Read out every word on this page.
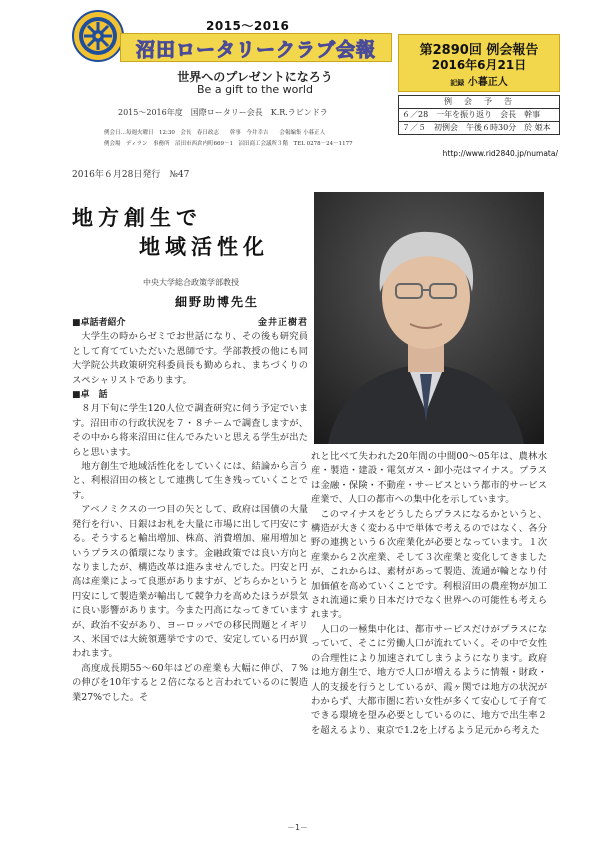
2015～2016
沼田ロータリークラブ会報
世界へのプレゼントになろう
Be a gift to the world
2015～2016年度　国際ロータリー会長　K.R.ラビンドラ
例会日…毎週火曜日　12:30　会長　春日政志　　幹事　今井幸吉　　会報編集 小暮正人
例会場　ディラン　事務所　沼田市西倉内町669－1　沼田商工会議所３階　TEL 0278－24－1177
第2890回 例会報告
2016年6月21日
記録 小暮正人
例　会　予　告
６／28　一年を振り返り　会長　幹事
７／５　初例会　午後６時30分　於 姫本
http://www.rid2840.jp/numata/
2016年６月28日発行　№47
地方創生で
地域活性化
中央大学総合政策学部教授
細野助博先生
■卓話者紹介	金井正樹君

大学生の時からゼミでお世話になり、その後も研究員として育てていただいた恩師です。学部教授の他にも同大学院公共政策研究科委員長も勤められ、まちづくりのスペシャリストであります。

■卓　話

８月下旬に学生120人位で調査研究に伺う予定でいます。沼田市の行政状況を７・８チームで調査しますが、その中から将来沼田に住んでみたいと思える学生が出たらと思います。

地方創生で地域活性化をしていくには、結論から言うと、利根沼田の核として連携して生き残っていくことです。

アベノミクスの一つ目の矢として、政府は国債の大量発行を行い、日銀はお札を大量に市場に出して円安にする。そうすると輸出増加、株高、消費増加、雇用増加というプラスの循環になります。金融政策では良い方向となりましたが、構造改革は進みませんでした。円安と円高は産業によって良悪がありますが、どちらかというと円安にして製造業が輸出して競争力を高めたほうが景気に良い影響があります。今また円高になってきていますが、政治不安があり、ヨーロッパでの移民問題とイギリス、米国では大統領選挙ですので、安定している円が買われます。

高度成長期55～60年はどの産業も大幅に伸び、７%の伸びを10年すると２倍になると言われているのに製造業27%でした。そ

れと比べて失われた20年間の中間00～05年は、農林水産・製造・建設・電気ガス・卸小売はマイナス。プラスは金融・保険・不動産・サービスという都市的サービス産業で、人口の都市への集中化を示しています。

このマイナスをどうしたらプラスになるかというと、構造が大きく変わる中で単体で考えるのではなく、各分野の連携という６次産業化が必要となっています。１次産業から２次産業、そして３次産業と変化してきましたが、これからは、素材があって製造、流通が輪となり付加価値を高めていくことです。利根沼田の農産物が加工され流通に乗り日本だけでなく世界への可能性も考えられます。

人口の一極集中化は、都市サービスだけがプラスになっていて、そこに労働人口が流れていく。その中で女性の合理性により加速されてしまうようになります。政府は地方創生で、地方で人口が増えるように情報・財政・人的支援を行うとしているが、霞ヶ関では地方の状況がわからず、大都市圏に若い女性が多くて安心して子育てできる環境を望み必要としているのに、地方で出生率２を超えるより、東京で1.2を上げるよう足元から考えた

－1－
